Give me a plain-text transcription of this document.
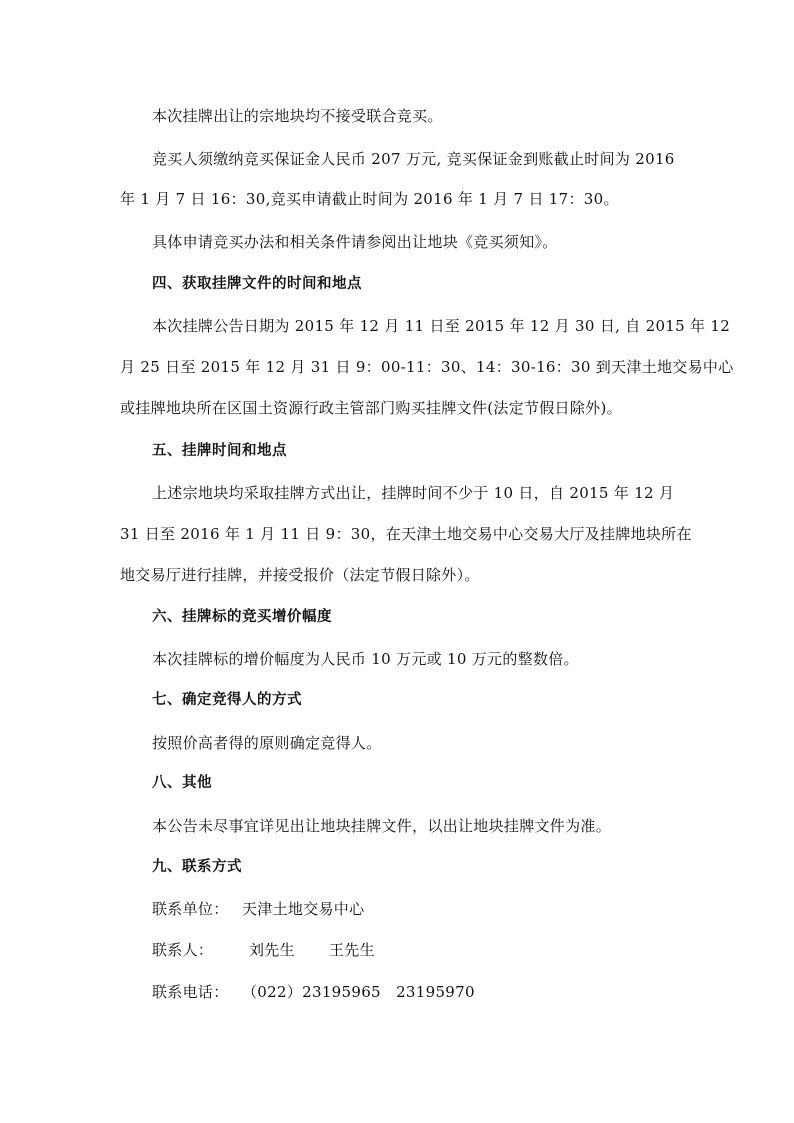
本次挂牌出让的宗地块均不接受联合竞买。
竞买人须缴纳竞买保证金人民币 207 万元, 竞买保证金到账截止时间为 2016
年 1 月 7 日 16：30,竞买申请截止时间为 2016 年 1 月 7 日 17：30。
具体申请竞买办法和相关条件请参阅出让地块《竞买须知》。
四、获取挂牌文件的时间和地点
本次挂牌公告日期为 2015 年 12 月 11 日至 2015 年 12 月 30 日, 自 2015 年 12
月 25 日至 2015 年 12 月 31 日 9：00-11：30、14：30-16：30 到天津土地交易中心
或挂牌地块所在区国土资源行政主管部门购买挂牌文件(法定节假日除外)。
五、挂牌时间和地点
上述宗地块均采取挂牌方式出让，挂牌时间不少于 10 日，自 2015 年 12 月
31 日至 2016 年 1 月 11 日 9：30，在天津土地交易中心交易大厅及挂牌地块所在
地交易厅进行挂牌，并接受报价（法定节假日除外）。
六、挂牌标的竞买增价幅度
本次挂牌标的增价幅度为人民币 10 万元或 10 万元的整数倍。
七、确定竞得人的方式
按照价高者得的原则确定竞得人。
八、其他
本公告未尽事宜详见出让地块挂牌文件，以出让地块挂牌文件为准。
九、联系方式
联系单位： 天津土地交易中心
联系人： 刘先生 王先生
联系电话： （022）23195965   23195970
